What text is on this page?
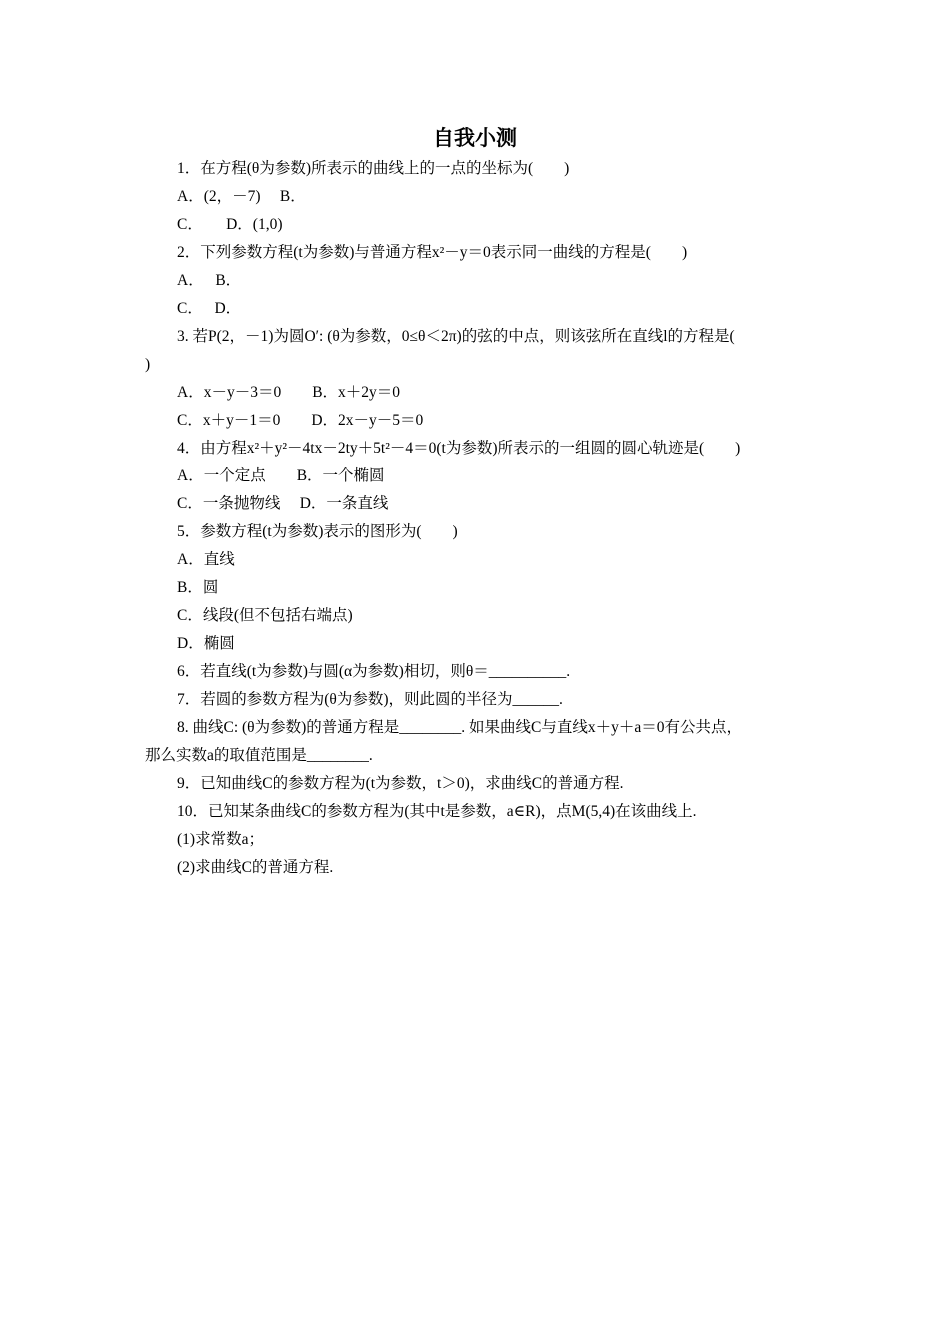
自我小测
1．在方程(θ为参数)所表示的曲线上的一点的坐标为(　　)
A．(2，－7)　 B．
C．　　D．(1,0)
2．下列参数方程(t为参数)与普通方程x²－y＝0表示同一曲线的方程是(　　)
A．　 B．
C．　 D．
3. 若P(2，－1)为圆O′: (θ为参数，0≤θ＜2π)的弦的中点，则该弦所在直线l的方程是(
)
A．x－y－3＝0　　B．x＋2y＝0
C．x＋y－1＝0　　D．2x－y－5＝0
4．由方程x²＋y²－4tx－2ty＋5t²－4＝0(t为参数)所表示的一组圆的圆心轨迹是(　　)
A．一个定点　　B．一个椭圆
C．一条抛物线　 D．一条直线
5．参数方程(t为参数)表示的图形为(　　)
A．直线
B．圆
C．线段(但不包括右端点)
D．椭圆
6．若直线(t为参数)与圆(α为参数)相切，则θ＝__________.
7．若圆的参数方程为(θ为参数)，则此圆的半径为______.
8. 曲线C: (θ为参数)的普通方程是________. 如果曲线C与直线x＋y＋a＝0有公共点，
那么实数a的取值范围是________.
9．已知曲线C的参数方程为(t为参数，t＞0)，求曲线C的普通方程.
10．已知某条曲线C的参数方程为(其中t是参数，a∈R)，点M(5,4)在该曲线上.
(1)求常数a；
(2)求曲线C的普通方程.
